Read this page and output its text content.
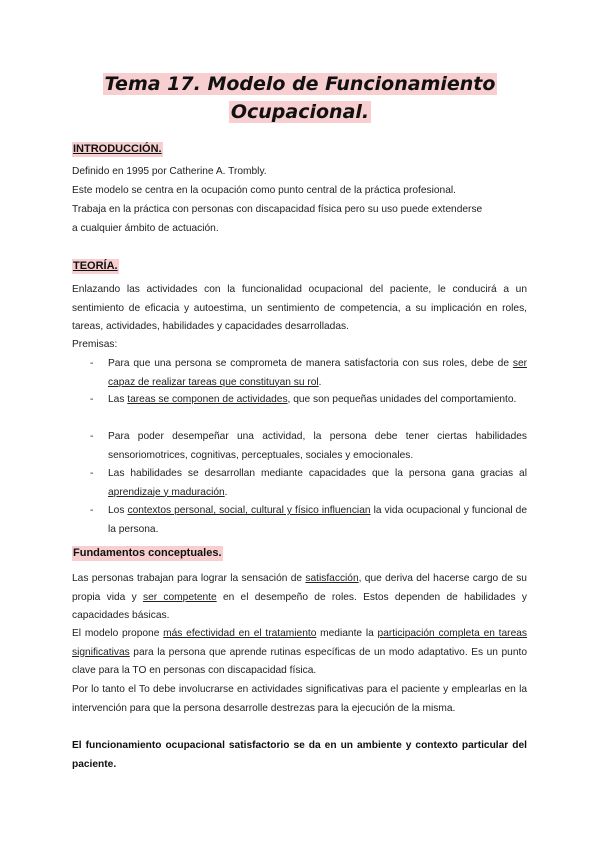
Tema 17. Modelo de Funcionamiento
Ocupacional.
INTRODUCCIÓN.
Definido en 1995 por Catherine A. Trombly.
Este modelo se centra en la ocupación como punto central de la práctica profesional.
Trabaja en la práctica con personas con discapacidad física pero su uso puede extenderse
a cualquier ámbito de actuación.
TEORÍA.

Enlazando las actividades con la funcionalidad ocupacional del paciente, le conducirá a un sentimiento de eficacia y autoestima, un sentimiento de competencia, a su implicación en roles, tareas, actividades, habilidades y capacidades desarrolladas.

Premisas:
- Para que una persona se comprometa de manera satisfactoria con sus roles, debe de ser capaz de realizar tareas que constituyan su rol.
- Las tareas se componen de actividades, que son pequeñas unidades del comportamiento.
- Para poder desempeñar una actividad, la persona debe tener ciertas habilidades sensoriomotrices, cognitivas, perceptuales, sociales y emocionales.
- Las habilidades se desarrollan mediante capacidades que la persona gana gracias al aprendizaje y maduración.
- Los contextos personal, social, cultural y físico influencian la vida ocupacional y funcional de la persona.
Fundamentos conceptuales.

Las personas trabajan para lograr la sensación de satisfacción, que deriva del hacerse cargo de su propia vida y ser competente en el desempeño de roles. Estos dependen de habilidades y capacidades básicas.

El modelo propone más efectividad en el tratamiento mediante la participación completa en tareas significativas para la persona que aprende rutinas específicas de un modo adaptativo. Es un punto clave para la TO en personas con discapacidad física.

Por lo tanto el To debe involucrarse en actividades significativas para el paciente y emplearlas en la intervención para que la persona desarrolle destrezas para la ejecución de la misma.

El funcionamiento ocupacional satisfactorio se da en un ambiente y contexto particular del paciente.
